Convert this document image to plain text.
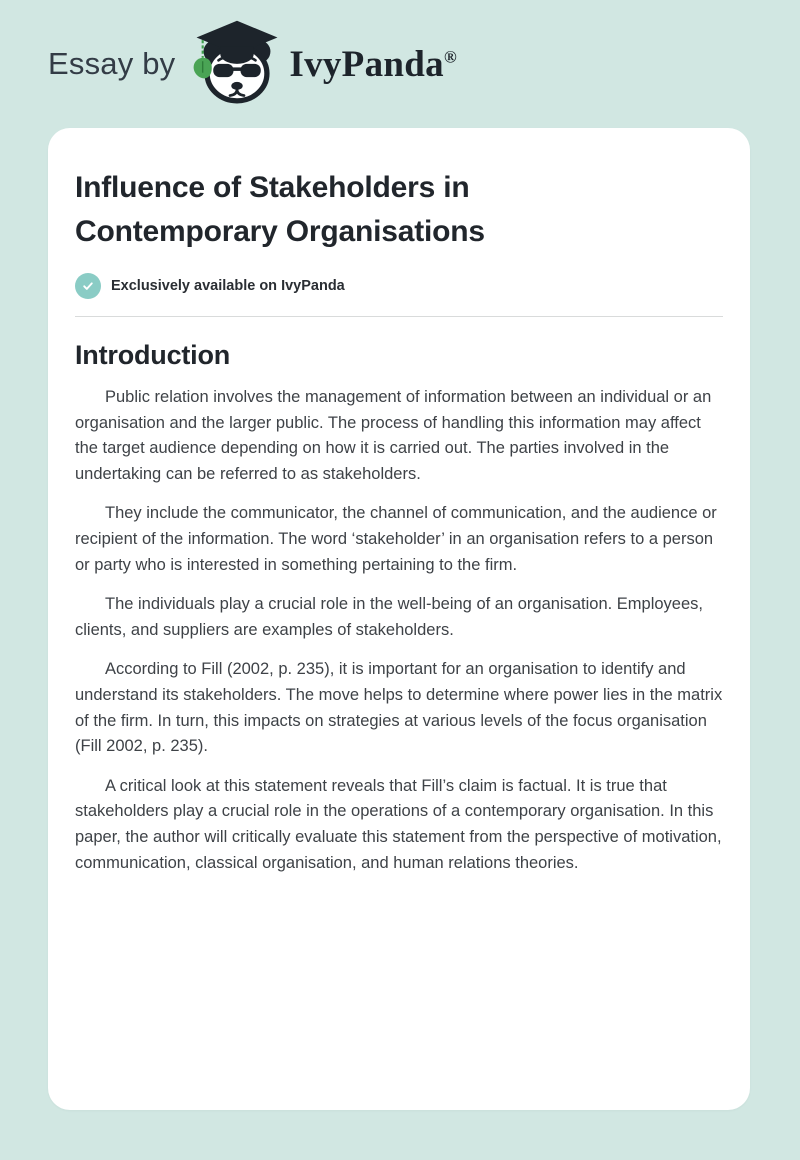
Essay by	IvyPanda®
Influence of Stakeholders in Contemporary Organisations
Exclusively available on IvyPanda
Introduction

Public relation involves the management of information between an individual or an organisation and the larger public. The process of handling this information may affect the target audience depending on how it is carried out. The parties involved in the undertaking can be referred to as stakeholders.

They include the communicator, the channel of communication, and the audience or recipient of the information. The word ‘stakeholder’ in an organisation refers to a person or party who is interested in something pertaining to the firm.

The individuals play a crucial role in the well-being of an organisation. Employees, clients, and suppliers are examples of stakeholders.

According to Fill (2002, p. 235), it is important for an organisation to identify and understand its stakeholders. The move helps to determine where power lies in the matrix of the firm. In turn, this impacts on strategies at various levels of the focus organisation (Fill 2002, p. 235).

A critical look at this statement reveals that Fill’s claim is factual. It is true that stakeholders play a crucial role in the operations of a contemporary organisation. In this paper, the author will critically evaluate this statement from the perspective of motivation, communication, classical organisation, and human relations theories.
